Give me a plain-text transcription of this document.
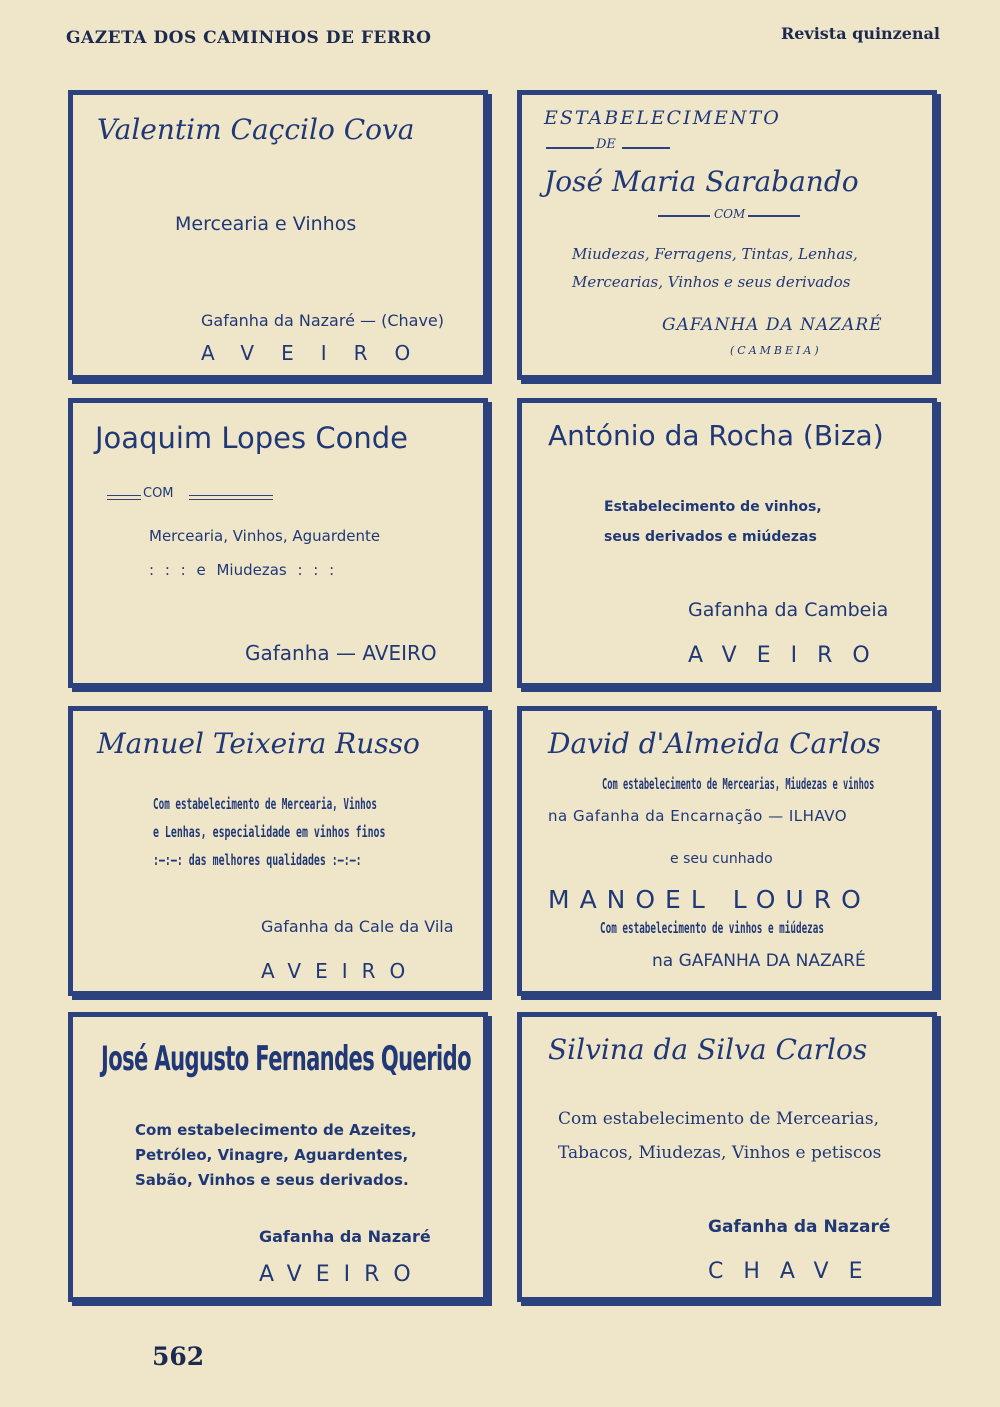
GAZETA DOS CAMINHOS DE FERRO	Revista quinzenal
Valentim Caçcilo Cova
Mercearia e Vinhos
Gafanha da Nazaré — (Chave)
AVEIRO
ESTABELECIMENTO
DE
José Maria Sarabando
COM
Miudezas, Ferragens, Tintas, Lenhas,
Mercearias, Vinhos e seus derivados
GAFANHA DA NAZARÉ
(CAMBEIA)
Joaquim Lopes Conde
COM
Mercearia, Vinhos, Aguardente
: : : e Miudezas : : :
Gafanha — AVEIRO
António da Rocha (Biza)
Estabelecimento de vinhos,
seus derivados e miúdezas
Gafanha da Cambeia
AVEIRO
Manuel Teixeira Russo
Com estabelecimento de Mercearia, Vinhos
e Lenhas, especialidade em vinhos finos
:—:—: das melhores qualidades :—:—:
Gafanha da Cale da Vila
AVEIRO
David d'Almeida Carlos
Com estabelecimento de Mercearias, Miudezas e vinhos
na Gafanha da Encarnação — ILHAVO
e seu cunhado
MANOEL LOURO
Com estabelecimento de vinhos e miúdezas
na GAFANHA DA NAZARÉ
José Augusto Fernandes Querido
Com estabelecimento de Azeites,
Petróleo, Vinagre, Aguardentes,
Sabão, Vinhos e seus derivados.
Gafanha da Nazaré
AVEIRO
Silvina da Silva Carlos
Com estabelecimento de Mercearias,
Tabacos, Miudezas, Vinhos e petiscos
Gafanha da Nazaré
CHAVE
562
